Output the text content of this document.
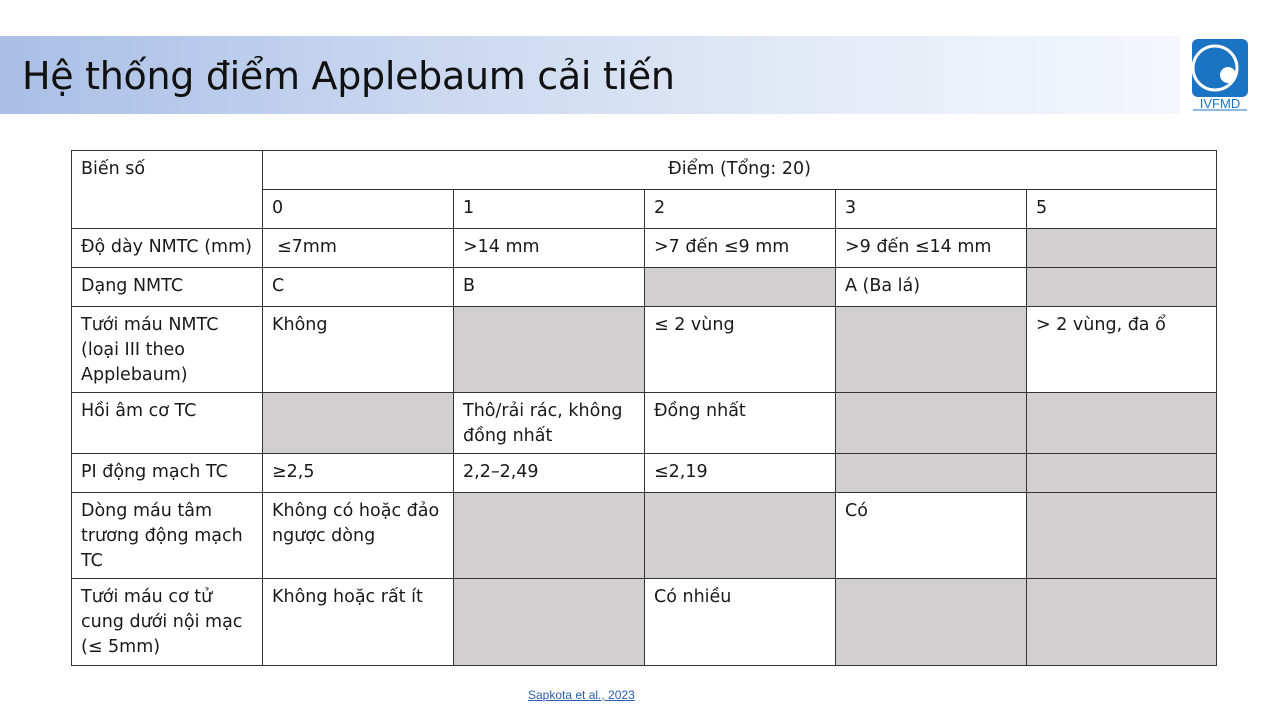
Hệ thống điểm Applebaum cải tiến
IVFMD
Biến số	Điểm (Tổng: 20)				
	0	1	2	3	5
Độ dày NMTC (mm)	≤7mm	>14 mm	>7 đến ≤9 mm	>9 đến ≤14 mm	
Dạng NMTC	C	B		A (Ba lá)	
Tưới máu NMTC (loại III theo Applebaum)	Không		≤ 2 vùng		> 2 vùng, đa ổ
Hồi âm cơ TC		Thô/rải rác, không đồng nhất	Đồng nhất		
PI động mạch TC	≥2,5	2,2–2,49	≤2,19		
Dòng máu tâm trương động mạch TC	Không có hoặc đảo ngược dòng			Có	
Tưới máu cơ tử cung dưới nội mạc (≤ 5mm)	Không hoặc rất ít		Có nhiều		
Sapkota et al., 2023
